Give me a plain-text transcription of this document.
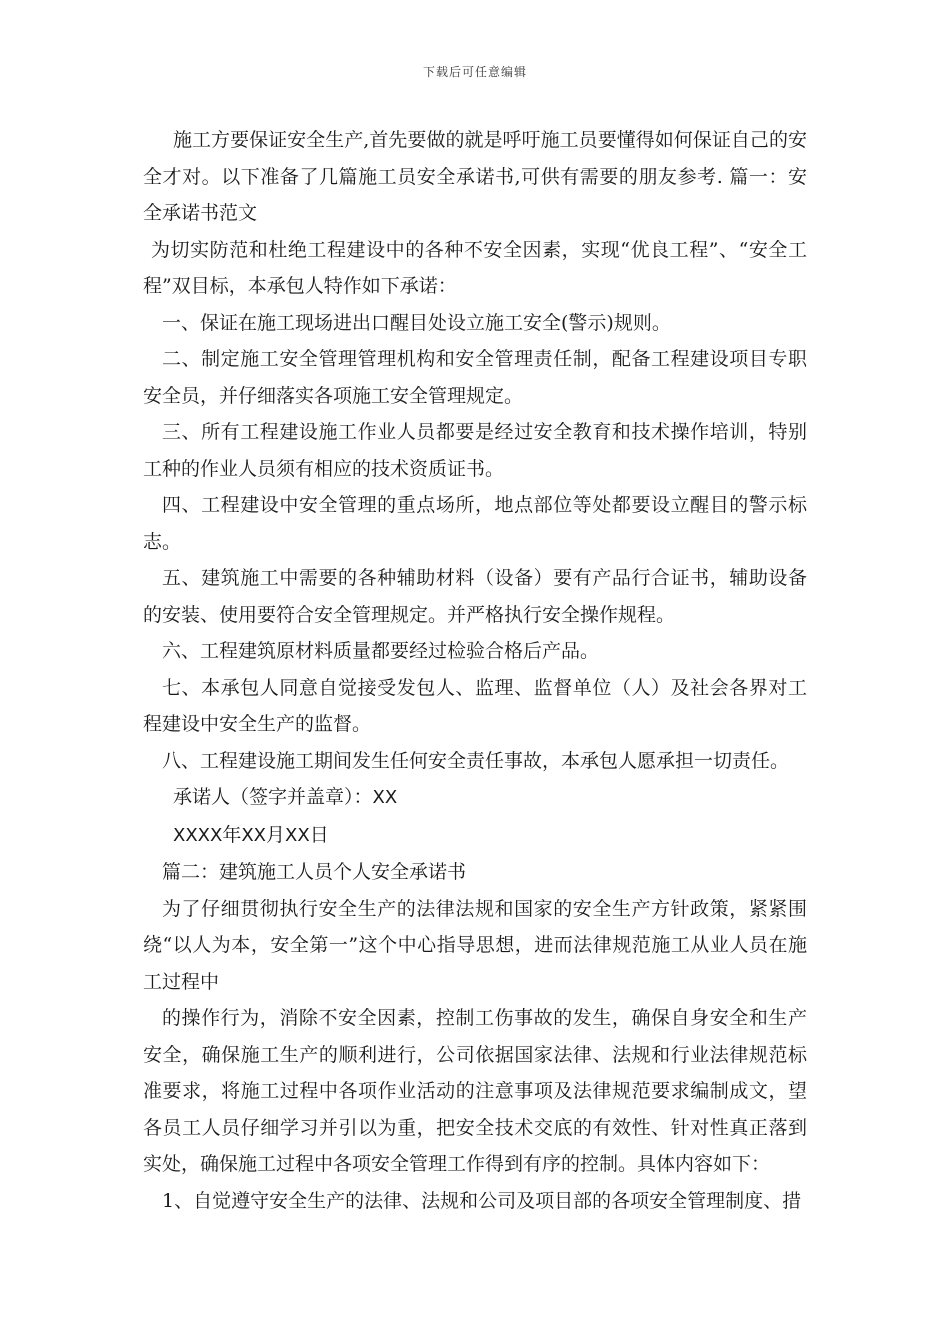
下载后可任意编辑

施工方要保证安全生产,首先要做的就是呼吁施工员要懂得如何保证自己的安全才对。以下准备了几篇施工员安全承诺书,可供有需要的朋友参考. 篇一：安全承诺书范文

为切实防范和杜绝工程建设中的各种不安全因素，实现“优良工程”、“安全工程”双目标，本承包人特作如下承诺：

一、保证在施工现场进出口醒目处设立施工安全(警示)规则。

二、制定施工安全管理管理机构和安全管理责任制，配备工程建设项目专职安全员，并仔细落实各项施工安全管理规定。

三、所有工程建设施工作业人员都要是经过安全教育和技术操作培训，特别工种的作业人员须有相应的技术资质证书。

四、工程建设中安全管理的重点场所，地点部位等处都要设立醒目的警示标志。

五、建筑施工中需要的各种辅助材料（设备）要有产品行合证书，辅助设备的安装、使用要符合安全管理规定。并严格执行安全操作规程。

六、工程建筑原材料质量都要经过检验合格后产品。

七、本承包人同意自觉接受发包人、监理、监督单位（人）及社会各界对工程建设中安全生产的监督。

八、工程建设施工期间发生任何安全责任事故，本承包人愿承担一切责任。

承诺人（签字并盖章）：XX

XXXX年XX月XX日

篇二：建筑施工人员个人安全承诺书

为了仔细贯彻执行安全生产的法律法规和国家的安全生产方针政策，紧紧围绕“以人为本，安全第一”这个中心指导思想，进而法律规范施工从业人员在施工过程中

的操作行为，消除不安全因素，控制工伤事故的发生，确保自身安全和生产安全，确保施工生产的顺利进行，公司依据国家法律、法规和行业法律规范标准要求，将施工过程中各项作业活动的注意事项及法律规范要求编制成文，望各员工人员仔细学习并引以为重，把安全技术交底的有效性、针对性真正落到实处，确保施工过程中各项安全管理工作得到有序的控制。具体内容如下：

1、自觉遵守安全生产的法律、法规和公司及项目部的各项安全管理制度、措
